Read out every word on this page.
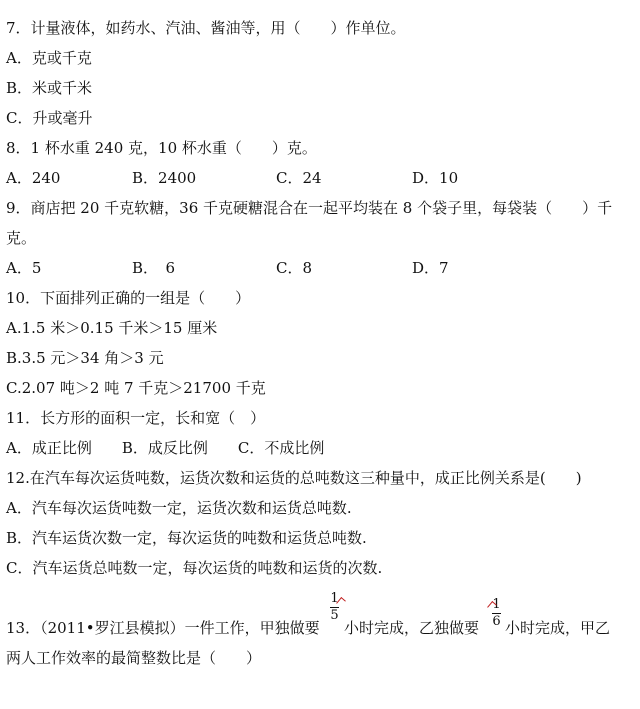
7．计量液体，如药水、汽油、酱油等，用（　　）作单位。
A．克或千克
B．米或千米
C．升或毫升
8．1 杯水重 240 克，10 杯水重（　　）克。
A．240	B．2400	C．24	D．10
9．商店把 20 千克软糖，36 千克硬糖混合在一起平均装在 8 个袋子里，每袋装（　　）千
克。
A．5	B．　6	C．8	D．7
10．下面排列正确的一组是（　　）
A.1.5 米＞0.15 千米＞15 厘米
B.3.5 元＞34 角＞3 元
C.2.07 吨＞2 吨 7 千克＞21700 千克
11．长方形的面积一定，长和宽（　）
A．成正比例　　B．成反比例　　C．不成比例
12.在汽车每次运货吨数，运货次数和运货的总吨数这三种量中，成正比例关系是(　　)
A．汽车每次运货吨数一定，运货次数和运货总吨数.
B．汽车运货次数一定，每次运货的吨数和运货总吨数.
C．汽车运货总吨数一定，每次运货的吨数和运货的次数.
13．（2011•罗江县模拟）一件工作，甲独做要
1
5
小时完成，乙独做要
1
6 小时完成，甲乙
两人工作效率的最简整数比是（　　）
